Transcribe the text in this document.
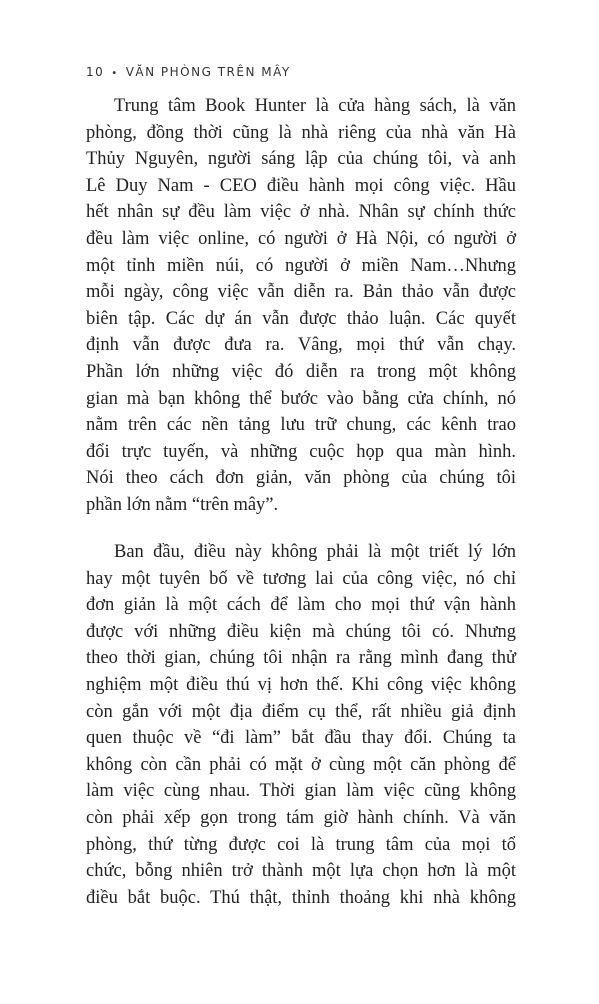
10 • VĂN PHÒNG TRÊN MÂY
Trung tâm Book Hunter là cửa hàng sách, là văn
phòng, đồng thời cũng là nhà riêng của nhà văn Hà
Thủy Nguyên, người sáng lập của chúng tôi, và anh
Lê Duy Nam - CEO điều hành mọi công việc. Hầu
hết nhân sự đều làm việc ở nhà. Nhân sự chính thức
đều làm việc online, có người ở Hà Nội, có người ở
một tỉnh miền núi, có người ở miền Nam…Nhưng
mỗi ngày, công việc vẫn diễn ra. Bản thảo vẫn được
biên tập. Các dự án vẫn được thảo luận. Các quyết
định vẫn được đưa ra. Vâng, mọi thứ vẫn chạy.
Phần lớn những việc đó diễn ra trong một không
gian mà bạn không thể bước vào bằng cửa chính, nó
nằm trên các nền tảng lưu trữ chung, các kênh trao
đổi trực tuyến, và những cuộc họp qua màn hình.
Nói theo cách đơn giản, văn phòng của chúng tôi
phần lớn nằm “trên mây”.
Ban đầu, điều này không phải là một triết lý lớn
hay một tuyên bố về tương lai của công việc, nó chỉ
đơn giản là một cách để làm cho mọi thứ vận hành
được với những điều kiện mà chúng tôi có. Nhưng
theo thời gian, chúng tôi nhận ra rằng mình đang thử
nghiệm một điều thú vị hơn thế. Khi công việc không
còn gắn với một địa điểm cụ thể, rất nhiều giả định
quen thuộc về “đi làm” bắt đầu thay đổi. Chúng ta
không còn cần phải có mặt ở cùng một căn phòng để
làm việc cùng nhau. Thời gian làm việc cũng không
còn phải xếp gọn trong tám giờ hành chính. Và văn
phòng, thứ từng được coi là trung tâm của mọi tổ
chức, bỗng nhiên trở thành một lựa chọn hơn là một
điều bắt buộc. Thú thật, thỉnh thoảng khi nhà không
